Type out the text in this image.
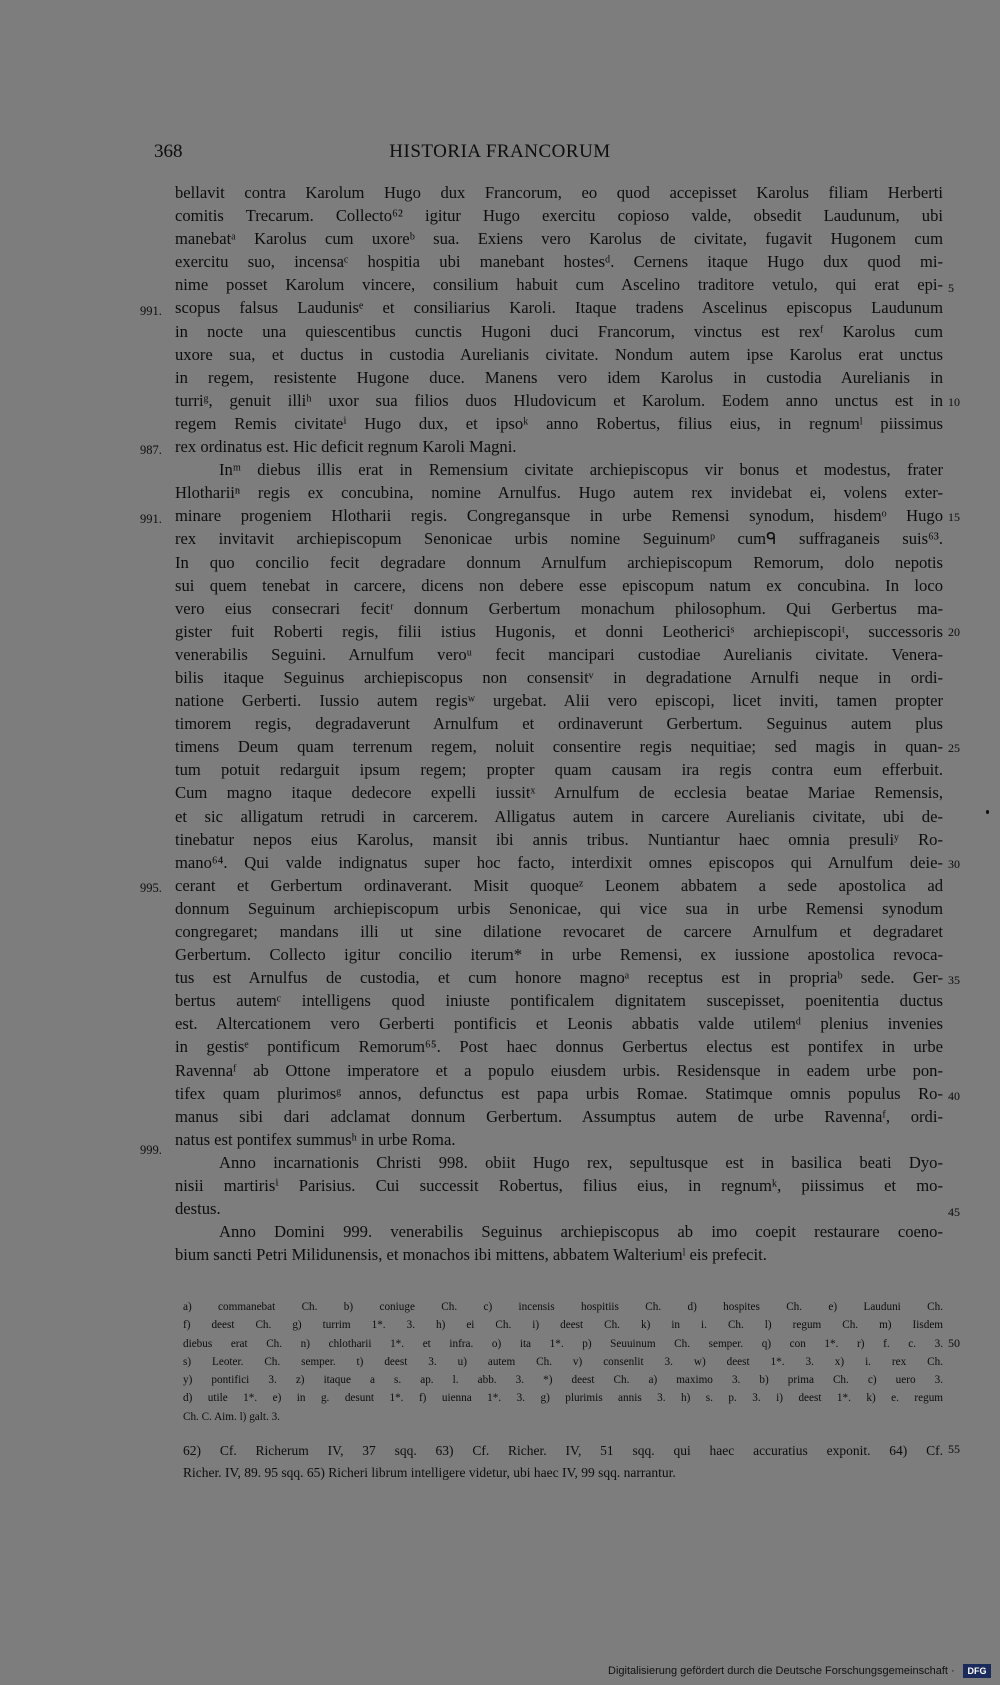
368	HISTORIA FRANCORUM
bellavit contra Karolum Hugo dux Francorum, eo quod accepisset Karolus filiam Herberti
comitis Trecarum. Collecto⁶² igitur Hugo exercitu copioso valde, obsedit Laudunum, ubi
manebatᵃ Karolus cum uxoreᵇ sua. Exiens vero Karolus de civitate, fugavit Hugonem cum
exercitu suo, incensaᶜ hospitia ubi manebant hostesᵈ. Cernens itaque Hugo dux quod mi-
nime posset Karolum vincere, consilium habuit cum Ascelino traditore vetulo, qui erat epi-
scopus falsus Laudunisᵉ et consiliarius Karoli. Itaque tradens Ascelinus episcopus Laudunum
in nocte una quiescentibus cunctis Hugoni duci Francorum, vinctus est rexᶠ Karolus cum
uxore sua, et ductus in custodia Aurelianis civitate. Nondum autem ipse Karolus erat unctus
in regem, resistente Hugone duce. Manens vero idem Karolus in custodia Aurelianis in
turriᵍ, genuit illiʰ uxor sua filios duos Hludovicum et Karolum. Eodem anno unctus est in
regem Remis civitateⁱ Hugo dux, et ipsoᵏ anno Robertus, filius eius, in regnumˡ piissimus
rex ordinatus est. Hic deficit regnum Karoli Magni.
Inᵐ diebus illis erat in Remensium civitate archiepiscopus vir bonus et modestus, frater
Hlothariiⁿ regis ex concubina, nomine Arnulfus. Hugo autem rex invidebat ei, volens exter-
minare progeniem Hlotharii regis. Congregansque in urbe Remensi synodum, hisdemᵒ Hugo
rex invitavit archiepiscopum Senonicae urbis nomine Seguinumᵖ cumᑫ suffraganeis suis⁶³.
In quo concilio fecit degradare donnum Arnulfum archiepiscopum Remorum, dolo nepotis
sui quem tenebat in carcere, dicens non debere esse episcopum natum ex concubina. In loco
vero eius consecrari fecitʳ donnum Gerbertum monachum philosophum. Qui Gerbertus ma-
gister fuit Roberti regis, filii istius Hugonis, et donni Leothericiˢ archiepiscopiᵗ, successoris
venerabilis Seguini. Arnulfum veroᵘ fecit mancipari custodiae Aurelianis civitate. Venera-
bilis itaque Seguinus archiepiscopus non consensitᵛ in degradatione Arnulfi neque in ordi-
natione Gerberti. Iussio autem regisʷ urgebat. Alii vero episcopi, licet inviti, tamen propter
timorem regis, degradaverunt Arnulfum et ordinaverunt Gerbertum. Seguinus autem plus
timens Deum quam terrenum regem, noluit consentire regis nequitiae; sed magis in quan-
tum potuit redarguit ipsum regem; propter quam causam ira regis contra eum efferbuit.
Cum magno itaque dedecore expelli iussitˣ Arnulfum de ecclesia beatae Mariae Remensis,
et sic alligatum retrudi in carcerem. Alligatus autem in carcere Aurelianis civitate, ubi de-
tinebatur nepos eius Karolus, mansit ibi annis tribus. Nuntiantur haec omnia presuliʸ Ro-
mano⁶⁴. Qui valde indignatus super hoc facto, interdixit omnes episcopos qui Arnulfum deie-
cerant et Gerbertum ordinaverant. Misit quoqueᶻ Leonem abbatem a sede apostolica ad
donnum Seguinum archiepiscopum urbis Senonicae, qui vice sua in urbe Remensi synodum
congregaret; mandans illi ut sine dilatione revocaret de carcere Arnulfum et degradaret
Gerbertum. Collecto igitur concilio iterum* in urbe Remensi, ex iussione apostolica revoca-
tus est Arnulfus de custodia, et cum honore magnoᵃ receptus est in propriaᵇ sede. Ger-
bertus autemᶜ intelligens quod iniuste pontificalem dignitatem suscepisset, poenitentia ductus
est. Altercationem vero Gerberti pontificis et Leonis abbatis valde utilemᵈ plenius invenies
in gestisᵉ pontificum Remorum⁶⁵. Post haec donnus Gerbertus electus est pontifex in urbe
Ravennaᶠ ab Ottone imperatore et a populo eiusdem urbis. Residensque in eadem urbe pon-
tifex quam plurimosᵍ annos, defunctus est papa urbis Romae. Statimque omnis populus Ro-
manus sibi dari adclamat donnum Gerbertum. Assumptus autem de urbe Ravennaᶠ, ordi-
natus est pontifex summusʰ in urbe Roma.
Anno incarnationis Christi 998. obiit Hugo rex, sepultusque est in basilica beati Dyo-
nisii martirisⁱ Parisius. Cui successit Robertus, filius eius, in regnumᵏ, piissimus et mo-
destus.
Anno Domini 999. venerabilis Seguinus archiepiscopus ab imo coepit restaurare coeno-
bium sancti Petri Milidunensis, et monachos ibi mittens, abbatem Walteriumˡ eis prefecit.
991.
987.
991.
995.
999.
5
10
15
20
25
30
35
40
45
50
55
a) commanebat Ch. b) coniuge Ch. c) incensis hospitiis Ch. d) hospites Ch. e) Lauduni Ch.
f) deest Ch. g) turrim 1*. 3. h) ei Ch. i) deest Ch. k) in i. Ch. l) regum Ch. m) Iisdem
diebus erat Ch. n) chlotharii 1*. et infra. o) ita 1*. p) Seuuinum Ch. semper. q) con 1*. r) f. c. 3.
s) Leoter. Ch. semper. t) deest 3. u) autem Ch. v) consenlit 3. w) deest 1*. 3. x) i. rex Ch.
y) pontifici 3. z) itaque a s. ap. l. abb. 3. *) deest Ch. a) maximo 3. b) prima Ch. c) uero 3.
d) utile 1*. e) in g. desunt 1*. f) uienna 1*. 3. g) plurimis annis 3. h) s. p. 3. i) deest 1*. k) e. regum
Ch. C. Aim. l) galt. 3.
62) Cf. Richerum IV, 37 sqq. 63) Cf. Richer. IV, 51 sqq. qui haec accuratius exponit. 64) Cf.
Richer. IV, 89. 95 sqq. 65) Richeri librum intelligere videtur, ubi haec IV, 99 sqq. narrantur.
Digitalisierung gefördert durch die Deutsche Forschungsgemeinschaft ·	DFG
